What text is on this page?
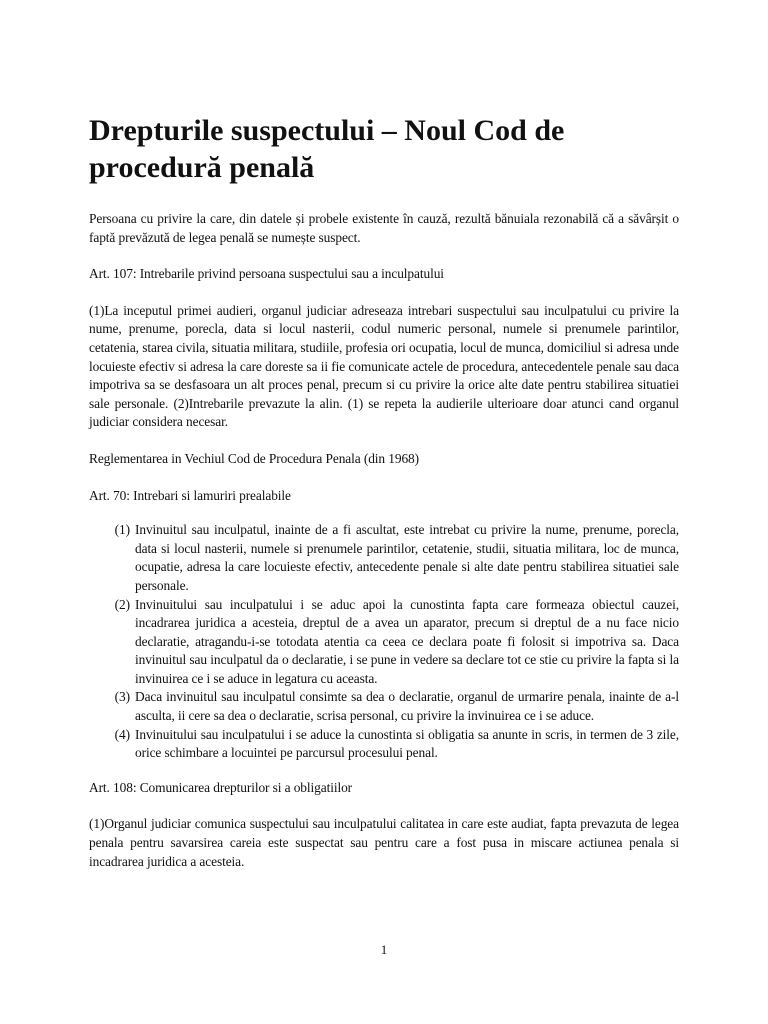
Drepturile suspectului – Noul Cod de procedură penală

Persoana cu privire la care, din datele și probele existente în cauză, rezultă bănuiala rezonabilă că a săvârșit o faptă prevăzută de legea penală se numește suspect.

Art. 107: Intrebarile privind persoana suspectului sau a inculpatului

(1)La inceputul primei audieri, organul judiciar adreseaza intrebari suspectului sau inculpatului cu privire la nume, prenume, porecla, data si locul nasterii, codul numeric personal, numele si prenumele parintilor, cetatenia, starea civila, situatia militara, studiile, profesia ori ocupatia, locul de munca, domiciliul si adresa unde locuieste efectiv si adresa la care doreste sa ii fie comunicate actele de procedura, antecedentele penale sau daca impotriva sa se desfasoara un alt proces penal, precum si cu privire la orice alte date pentru stabilirea situatiei sale personale. (2)Intrebarile prevazute la alin. (1) se repeta la audierile ulterioare doar atunci cand organul judiciar considera necesar.

Reglementarea in Vechiul Cod de Procedura Penala (din 1968)

Art. 70: Intrebari si lamuriri prealabile

(1) Invinuitul sau inculpatul, inainte de a fi ascultat, este intrebat cu privire la nume, prenume, porecla, data si locul nasterii, numele si prenumele parintilor, cetatenie, studii, situatia militara, loc de munca, ocupatie, adresa la care locuieste efectiv, antecedente penale si alte date pentru stabilirea situatiei sale personale.
(2) Invinuitului sau inculpatului i se aduc apoi la cunostinta fapta care formeaza obiectul cauzei, incadrarea juridica a acesteia, dreptul de a avea un aparator, precum si dreptul de a nu face nicio declaratie, atragandu-i-se totodata atentia ca ceea ce declara poate fi folosit si impotriva sa. Daca invinuitul sau inculpatul da o declaratie, i se pune in vedere sa declare tot ce stie cu privire la fapta si la invinuirea ce i se aduce in legatura cu aceasta.
(3) Daca invinuitul sau inculpatul consimte sa dea o declaratie, organul de urmarire penala, inainte de a-l asculta, ii cere sa dea o declaratie, scrisa personal, cu privire la invinuirea ce i se aduce.
(4) Invinuitului sau inculpatului i se aduce la cunostinta si obligatia sa anunte in scris, in termen de 3 zile, orice schimbare a locuintei pe parcursul procesului penal.

Art. 108: Comunicarea drepturilor si a obligatiilor

(1)Organul judiciar comunica suspectului sau inculpatului calitatea in care este audiat, fapta prevazuta de legea penala pentru savarsirea careia este suspectat sau pentru care a fost pusa in miscare actiunea penala si incadrarea juridica a acesteia.

1
